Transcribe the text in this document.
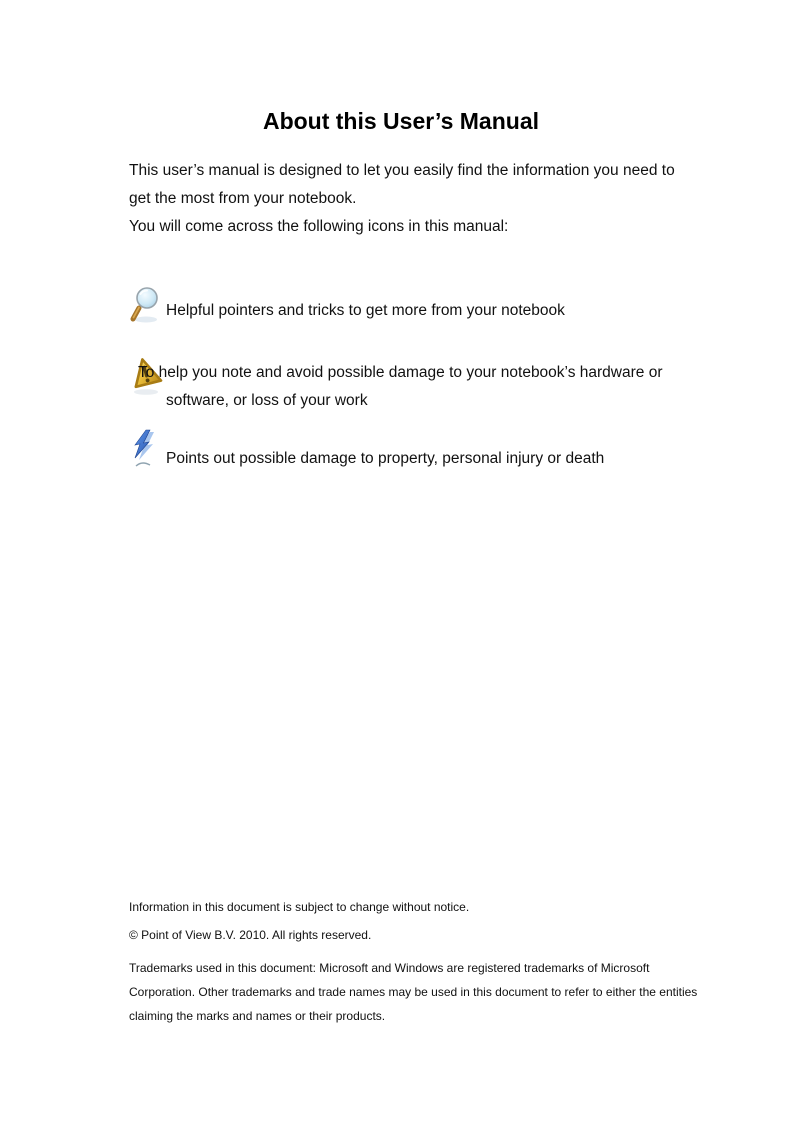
About this User’s Manual

This user’s manual is designed to let you easily find the information you need to

get the most from your notebook.

You will come across the following icons in this manual:

Helpful pointers and tricks to get more from your notebook

To help you note and avoid possible damage to your notebook’s hardware or

software, or loss of your work

Points out possible damage to property, personal injury or death

Information in this document is subject to change without notice.

© Point of View B.V. 2010. All rights reserved.

Trademarks used in this document: Microsoft and Windows are registered trademarks of Microsoft

Corporation. Other trademarks and trade names may be used in this document to refer to either the entities

claiming the marks and names or their products.
